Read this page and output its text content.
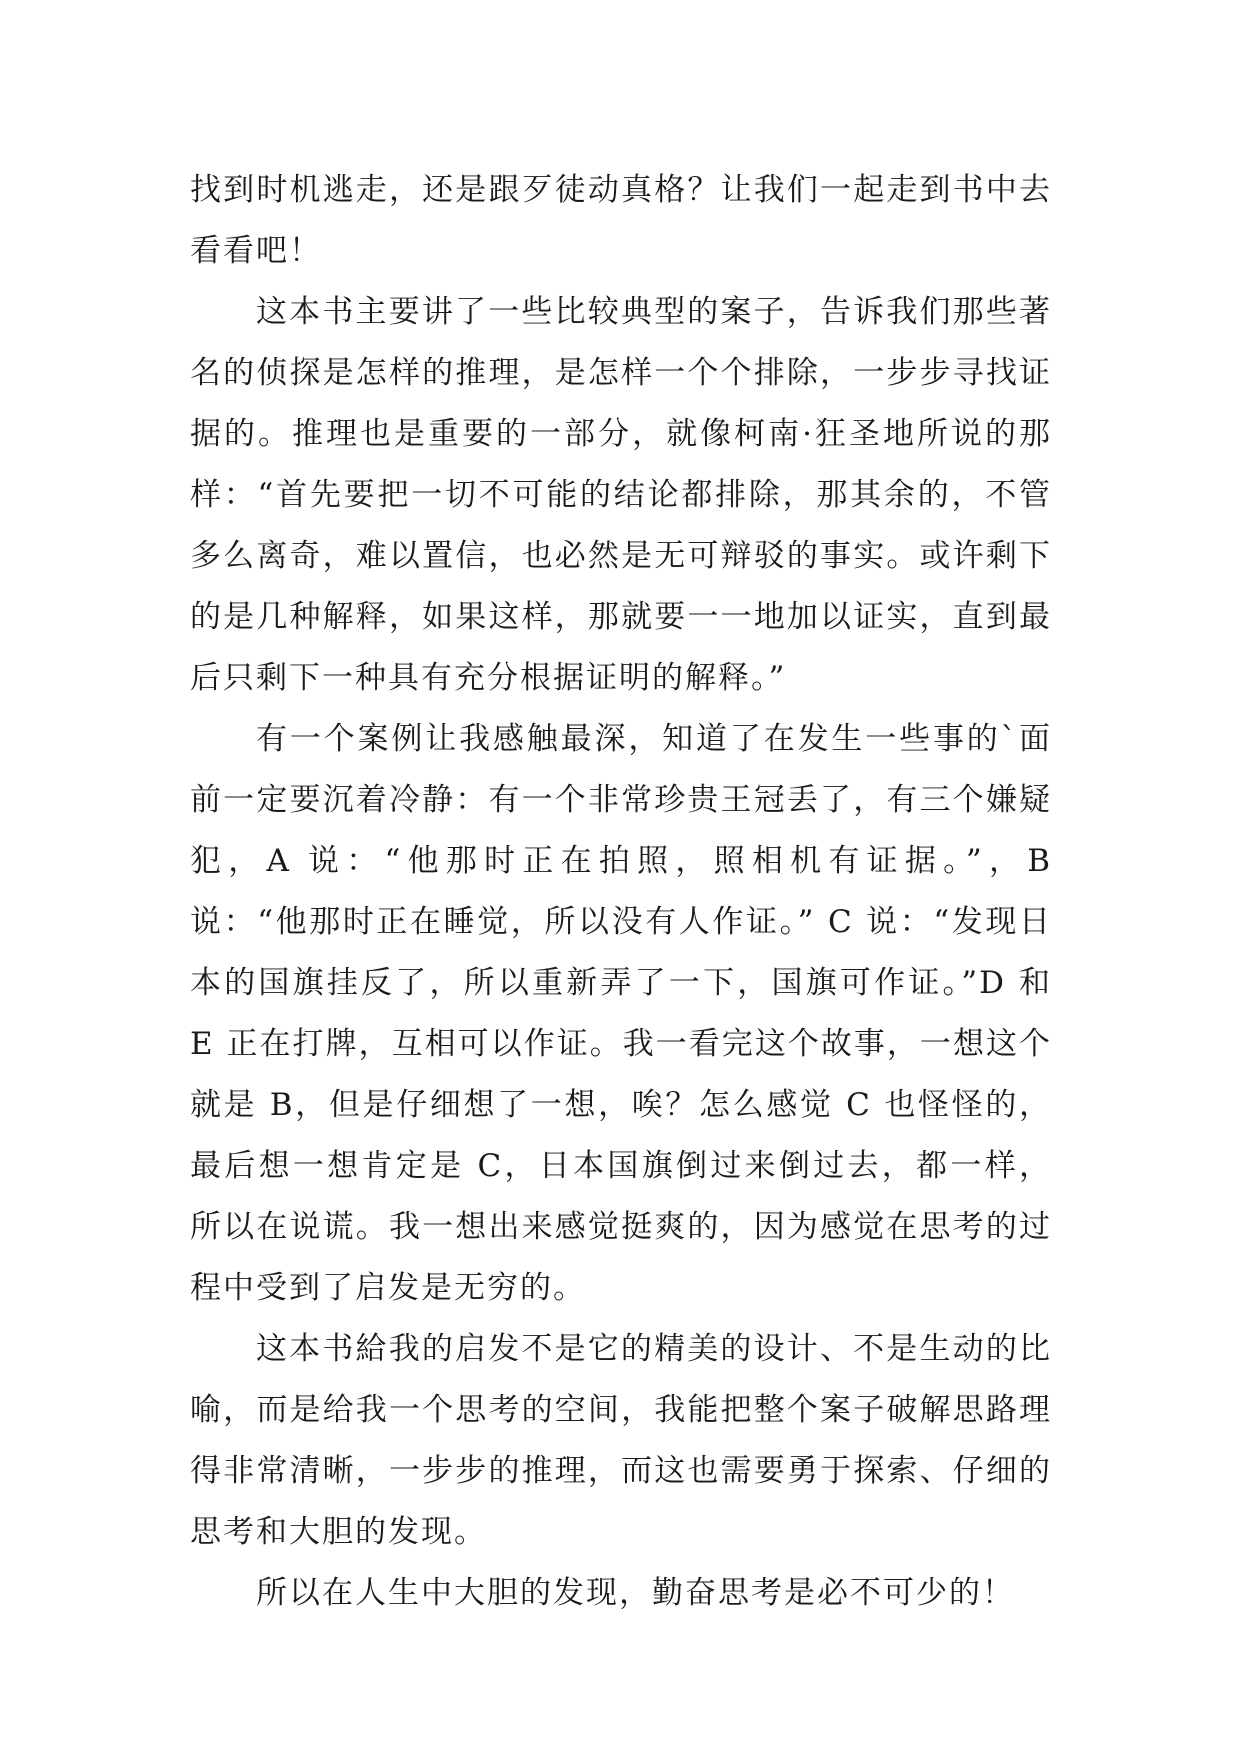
找到时机逃走，还是跟歹徒动真格？让我们一起走到书中去看看吧！

这本书主要讲了一些比较典型的案子，告诉我们那些著名的侦探是怎样的推理，是怎样一个个排除，一步步寻找证据的。推理也是重要的一部分，就像柯南·狂圣地所说的那样：“首先要把一切不可能的结论都排除，那其余的，不管多么离奇，难以置信，也必然是无可辩驳的事实。或许剩下的是几种解释，如果这样，那就要一一地加以证实，直到最后只剩下一种具有充分根据证明的解释。”

有一个案例让我感触最深，知道了在发生一些事的`面前一定要沉着冷静：有一个非常珍贵王冠丢了，有三个嫌疑犯，A 说：“他那时正在拍照，照相机有证据。”，B 说：“他那时正在睡觉，所以没有人作证。” C 说：“发现日本的国旗挂反了，所以重新弄了一下，国旗可作证。”D 和 E 正在打牌，互相可以作证。我一看完这个故事，一想这个就是 B，但是仔细想了一想，唉？怎么感觉 C 也怪怪的，最后想一想肯定是 C，日本国旗倒过来倒过去，都一样，所以在说谎。我一想出来感觉挺爽的，因为感觉在思考的过程中受到了启发是无穷的。

这本书給我的启发不是它的精美的设计、不是生动的比喻，而是给我一个思考的空间，我能把整个案子破解思路理得非常清晰，一步步的推理，而这也需要勇于探索、仔细的思考和大胆的发现。

所以在人生中大胆的发现，勤奋思考是必不可少的！
